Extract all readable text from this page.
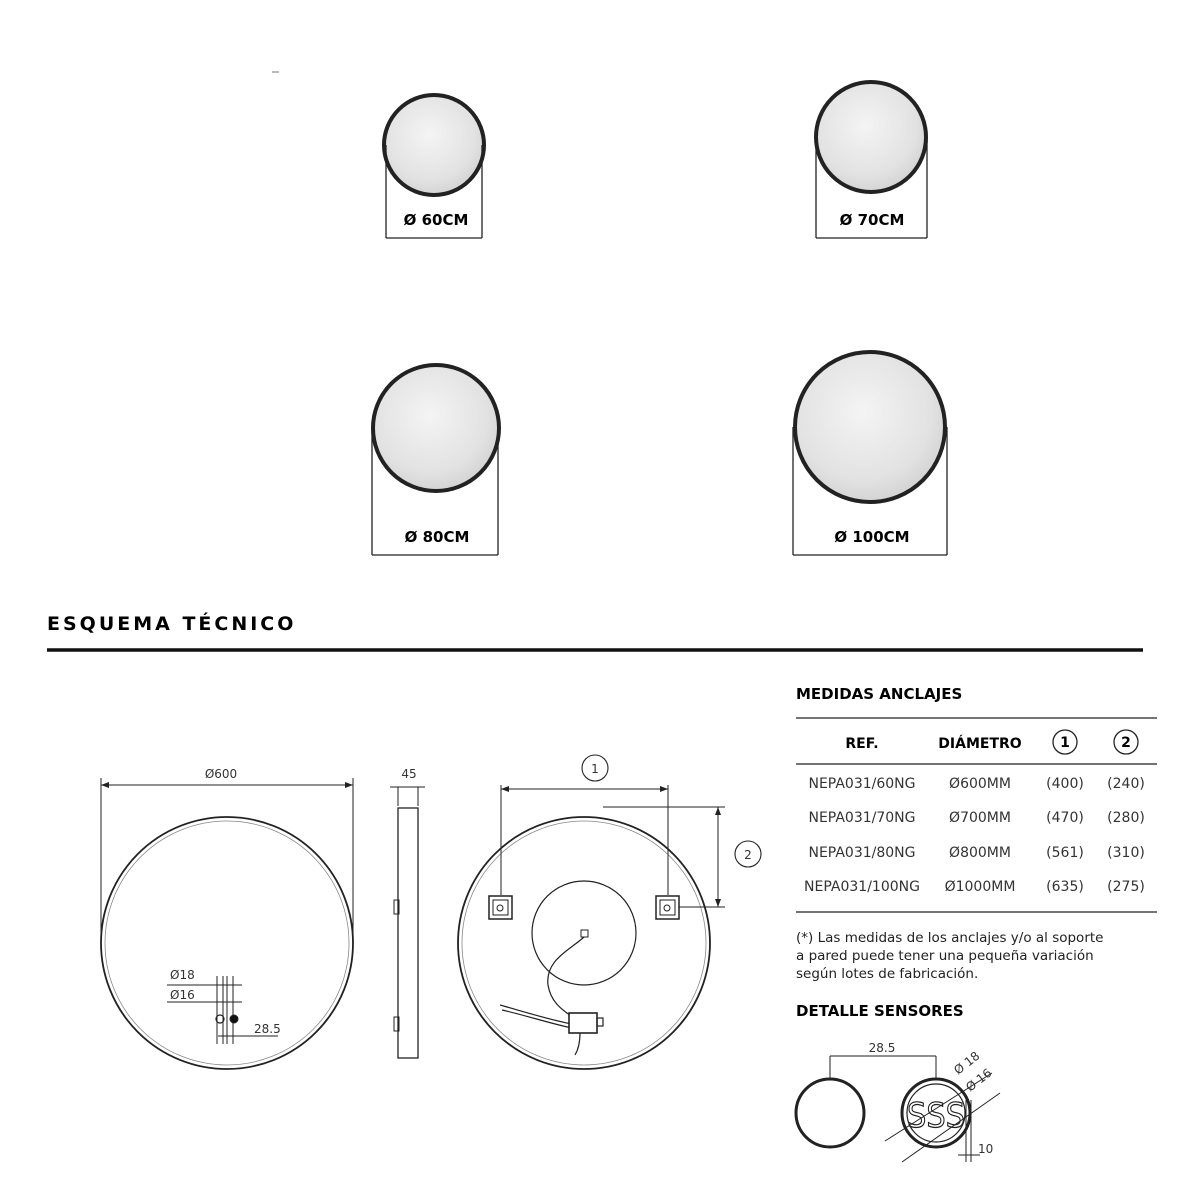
Ø 60CM	Ø 70CM
Ø 80CM	Ø 100CM
ESQUEMA TÉCNICO
Ø600
Ø18
Ø16
28.5
45	1
2
MEDIDAS ANCLAJES
REF.	DIÁMETRO	1	2
NEPA031/60NG Ø600MM	(400) (240)
NEPA031/70NG Ø700MM	(470) (280)
NEPA031/80NG Ø800MM	(561) (310)
NEPA031/100NG Ø1000MM (635) (275)
(*) Las medidas de los anclajes y/o al soporte
a pared puede tener una pequeña variación
según lotes de fabricación.
DETALLE SENSORES
SSS
28.5
Ø 18
Ø 16
10
